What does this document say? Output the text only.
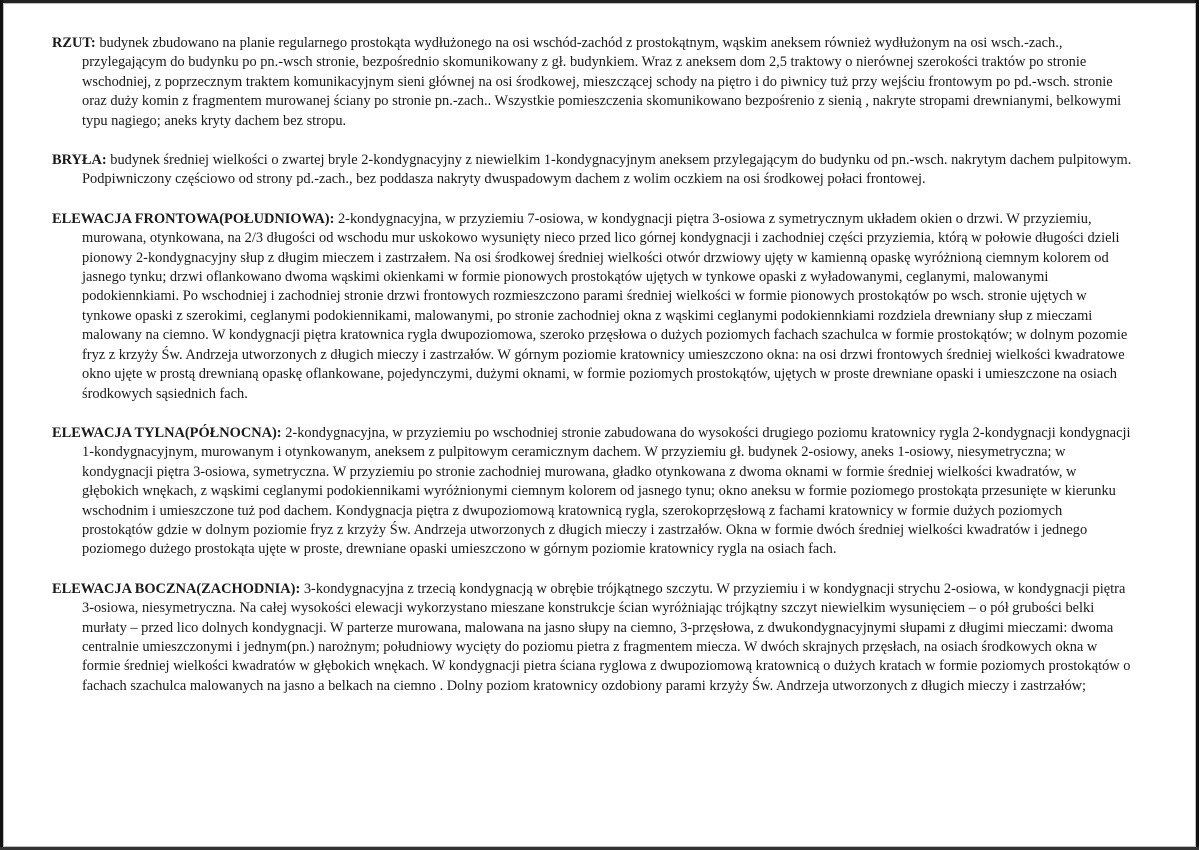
RZUT: budynek zbudowano na planie regularnego prostokąta wydłużonego na osi wschód-zachód z prostokątnym, wąskim aneksem również wydłużonym na osi wsch.-zach., przylegającym do budynku po pn.-wsch stronie, bezpośrednio skomunikowany z gł. budynkiem. Wraz z aneksem dom 2,5 traktowy o nierównej szerokości traktów po stronie wschodniej, z poprzecznym traktem komunikacyjnym sieni głównej na osi środkowej, mieszczącej schody na piętro i do piwnicy tuż przy wejściu frontowym po pd.-wsch. stronie oraz duży komin z fragmentem murowanej ściany po stronie pn.-zach.. Wszystkie pomieszczenia skomunikowano bezpośrenio z sienią , nakryte stropami drewnianymi, belkowymi typu nagiego; aneks kryty dachem bez stropu.

BRYŁA: budynek średniej wielkości o zwartej bryle 2-kondygnacyjny z niewielkim 1-kondygnacyjnym aneksem przylegającym do budynku od pn.-wsch. nakrytym dachem pulpitowym. Podpiwniczony częściowo od strony pd.-zach., bez poddasza nakryty dwuspadowym dachem z wolim oczkiem na osi środkowej połaci frontowej.

ELEWACJA FRONTOWA(POŁUDNIOWA): 2-kondygnacyjna, w przyziemiu 7-osiowa, w kondygnacji piętra 3-osiowa z symetrycznym układem okien o drzwi. W przyziemiu, murowana, otynkowana, na 2/3 długości od wschodu mur uskokowo wysunięty nieco przed lico górnej kondygnacji i zachodniej części przyziemia, którą w połowie długości dzieli pionowy 2-kondygnacyjny słup z długim mieczem i zastrzałem. Na osi środkowej średniej wielkości otwór drzwiowy ujęty w kamienną opaskę wyróżnioną ciemnym kolorem od jasnego tynku; drzwi oflankowano dwoma wąskimi okienkami w formie pionowych prostokątów ujętych w tynkowe opaski z wyładowanymi, ceglanymi, malowanymi podokiennkiami. Po wschodniej i zachodniej stronie drzwi frontowych rozmieszczono parami średniej wielkości w formie pionowych prostokątów po wsch. stronie ujętych w tynkowe opaski z szerokimi, ceglanymi podokiennikami, malowanymi, po stronie zachodniej okna z wąskimi ceglanymi podokiennkiami rozdziela drewniany słup z mieczami malowany na ciemno. W kondygnacji piętra kratownica rygla dwupoziomowa, szeroko przęsłowa o dużych poziomych fachach szachulca w formie prostokątów; w dolnym pozomie fryz z krzyży Św. Andrzeja utworzonych z długich mieczy i zastrzałów. W górnym poziomie kratownicy umieszczono okna: na osi drzwi frontowych średniej wielkości kwadratowe okno ujęte w prostą drewnianą opaskę oflankowane, pojedynczymi, dużymi oknami, w formie poziomych prostokątów, ujętych w proste drewniane opaski i umieszczone na osiach środkowych sąsiednich fach.

ELEWACJA TYLNA(PÓŁNOCNA): 2-kondygnacyjna, w przyziemiu po wschodniej stronie zabudowana do wysokości drugiego poziomu kratownicy rygla 2-kondygnacji kondygnacji 1-kondygnacyjnym, murowanym i otynkowanym, aneksem z pulpitowym ceramicznym dachem. W przyziemiu gł. budynek 2-osiowy, aneks 1-osiowy, niesymetryczna; w kondygnacji piętra 3-osiowa, symetryczna. W przyziemiu po stronie zachodniej murowana, gładko otynkowana z dwoma oknami w formie średniej wielkości kwadratów, w głębokich wnękach, z wąskimi ceglanymi podokiennikami wyróżnionymi ciemnym kolorem od jasnego tynu; okno aneksu w formie poziomego prostokąta przesunięte w kierunku wschodnim i umieszczone tuż pod dachem. Kondygnacja piętra z dwupoziomową kratownicą rygla, szerokoprzęsłową z fachami kratownicy w formie dużych poziomych prostokątów gdzie w dolnym poziomie fryz z krzyży Św. Andrzeja utworzonych z długich mieczy i zastrzałów. Okna w formie dwóch średniej wielkości kwadratów i jednego poziomego dużego prostokąta ujęte w proste, drewniane opaski umieszczono w górnym poziomie kratownicy rygla na osiach fach.

ELEWACJA BOCZNA(ZACHODNIA): 3-kondygnacyjna z trzecią kondygnacją w obrębie trójkątnego szczytu. W przyziemiu i w kondygnacji strychu 2-osiowa, w kondygnacji piętra 3-osiowa, niesymetryczna. Na całej wysokości elewacji wykorzystano mieszane konstrukcje ścian wyróżniając trójkątny szczyt niewielkim wysunięciem – o pół grubości belki murłaty – przed lico dolnych kondygnacji. W parterze murowana, malowana na jasno słupy na ciemno, 3-przęsłowa, z dwukondygnacyjnymi słupami z długimi mieczami: dwoma centralnie umieszczonymi i jednym(pn.) narożnym; południowy wycięty do poziomu pietra z fragmentem miecza. W dwóch skrajnych przęsłach, na osiach środkowych okna w formie średniej wielkości kwadratów w głębokich wnękach. W kondygnacji pietra ściana ryglowa z dwupoziomową kratownicą o dużych kratach w formie poziomych prostokątów o fachach szachulca malowanych na jasno a belkach na ciemno . Dolny poziom kratownicy ozdobiony parami krzyży Św. Andrzeja utworzonych z długich mieczy i zastrzałów;
